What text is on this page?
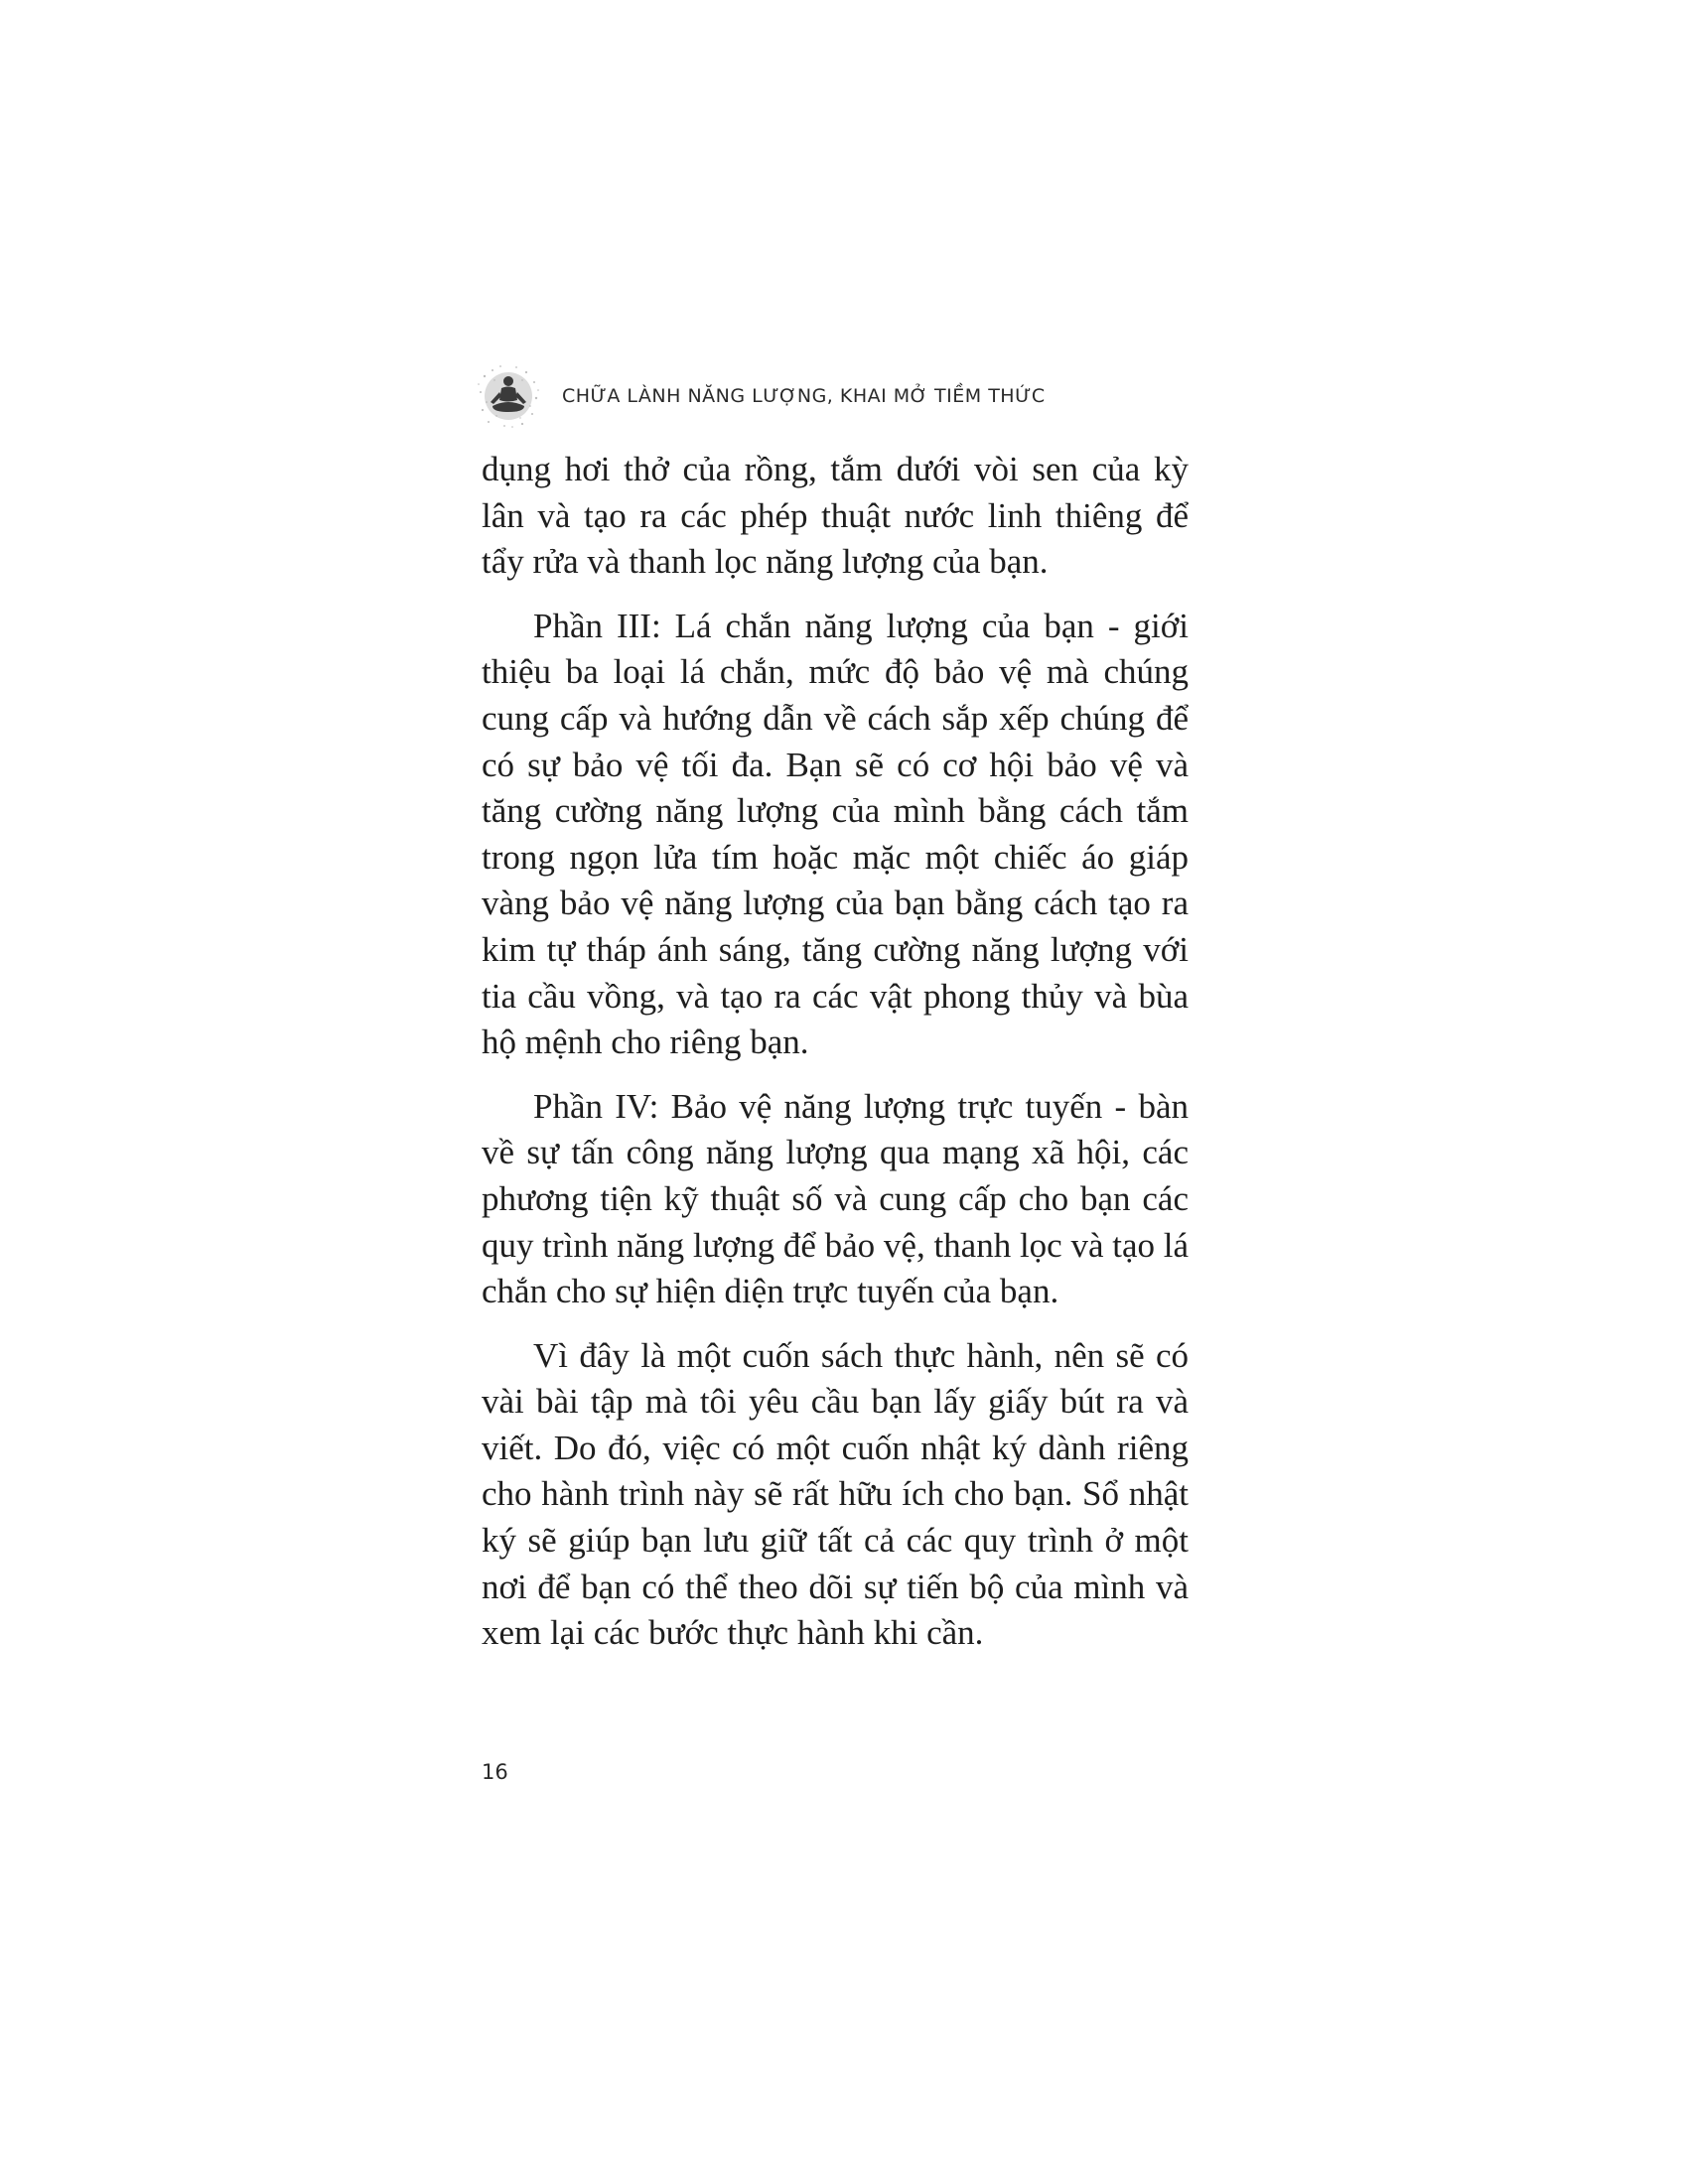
CHỮA LÀNH NĂNG LƯỢNG, KHAI MỞ TIỀM THỨC

dụng hơi thở của rồng, tắm dưới vòi sen của kỳ lân và tạo ra các phép thuật nước linh thiêng để tẩy rửa và thanh lọc năng lượng của bạn.

Phần III: Lá chắn năng lượng của bạn - giới thiệu ba loại lá chắn, mức độ bảo vệ mà chúng cung cấp và hướng dẫn về cách sắp xếp chúng để có sự bảo vệ tối đa. Bạn sẽ có cơ hội bảo vệ và tăng cường năng lượng của mình bằng cách tắm trong ngọn lửa tím hoặc mặc một chiếc áo giáp vàng bảo vệ năng lượng của bạn bằng cách tạo ra kim tự tháp ánh sáng, tăng cường năng lượng với tia cầu vồng, và tạo ra các vật phong thủy và bùa hộ mệnh cho riêng bạn.

Phần IV: Bảo vệ năng lượng trực tuyến - bàn về sự tấn công năng lượng qua mạng xã hội, các phương tiện kỹ thuật số và cung cấp cho bạn các quy trình năng lượng để bảo vệ, thanh lọc và tạo lá chắn cho sự hiện diện trực tuyến của bạn.

Vì đây là một cuốn sách thực hành, nên sẽ có vài bài tập mà tôi yêu cầu bạn lấy giấy bút ra và viết. Do đó, việc có một cuốn nhật ký dành riêng cho hành trình này sẽ rất hữu ích cho bạn. Sổ nhật ký sẽ giúp bạn lưu giữ tất cả các quy trình ở một nơi để bạn có thể theo dõi sự tiến bộ của mình và xem lại các bước thực hành khi cần.

16
